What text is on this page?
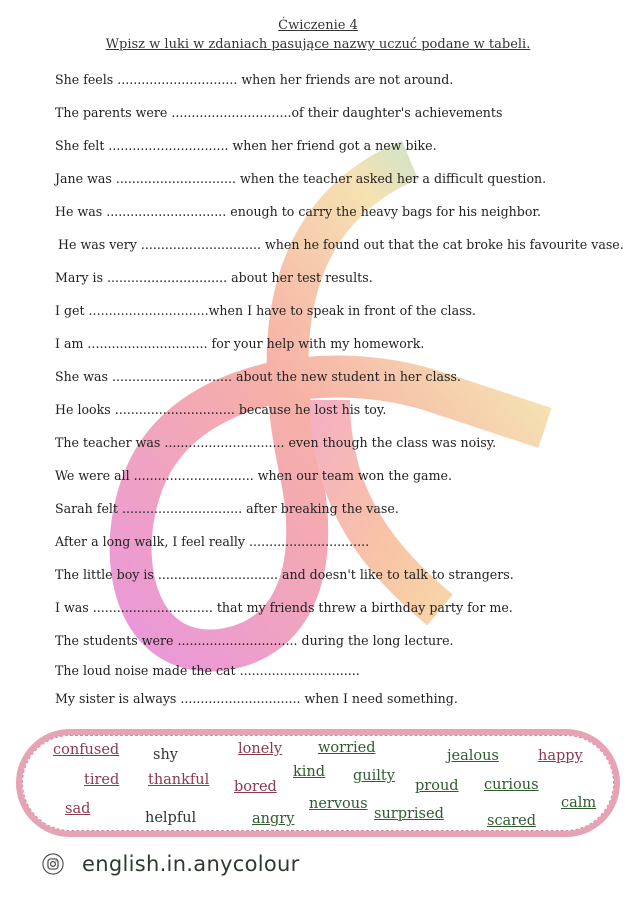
Ćwiczenie 4
Wpisz w luki w zdaniach pasujące nazwy uczuć podane w tabeli.
She feels .............................. when her friends are not around.
The parents were ..............................of their daughter's achievements
She felt .............................. when her friend got a new bike.
Jane was .............................. when the teacher asked her a difficult question.
He was .............................. enough to carry the heavy bags for his neighbor.
He was very .............................. when he found out that the cat broke his favourite vase.
Mary is .............................. about her test results.
I get ..............................when I have to speak in front of the class.
I am .............................. for your help with my homework.
She was .............................. about the new student in her class.
He looks .............................. because he lost his toy.
The teacher was .............................. even though the class was noisy.
We were all .............................. when our team won the game.
Sarah felt .............................. after breaking the vase.
After a long walk, I feel really ..............................
The little boy is .............................. and doesn't like to talk to strangers.
I was .............................. that my friends threw a birthday party for me.
The students were .............................. during the long lecture.
The loud noise made the cat ..............................
My sister is always .............................. when I need something.
confused shy	lonely worried	jealous	happy
tired thankful bored
kind guilty
proud curious
sad
helpful	angry
nervous
surprised	scared
calm
english.in.anycolour
